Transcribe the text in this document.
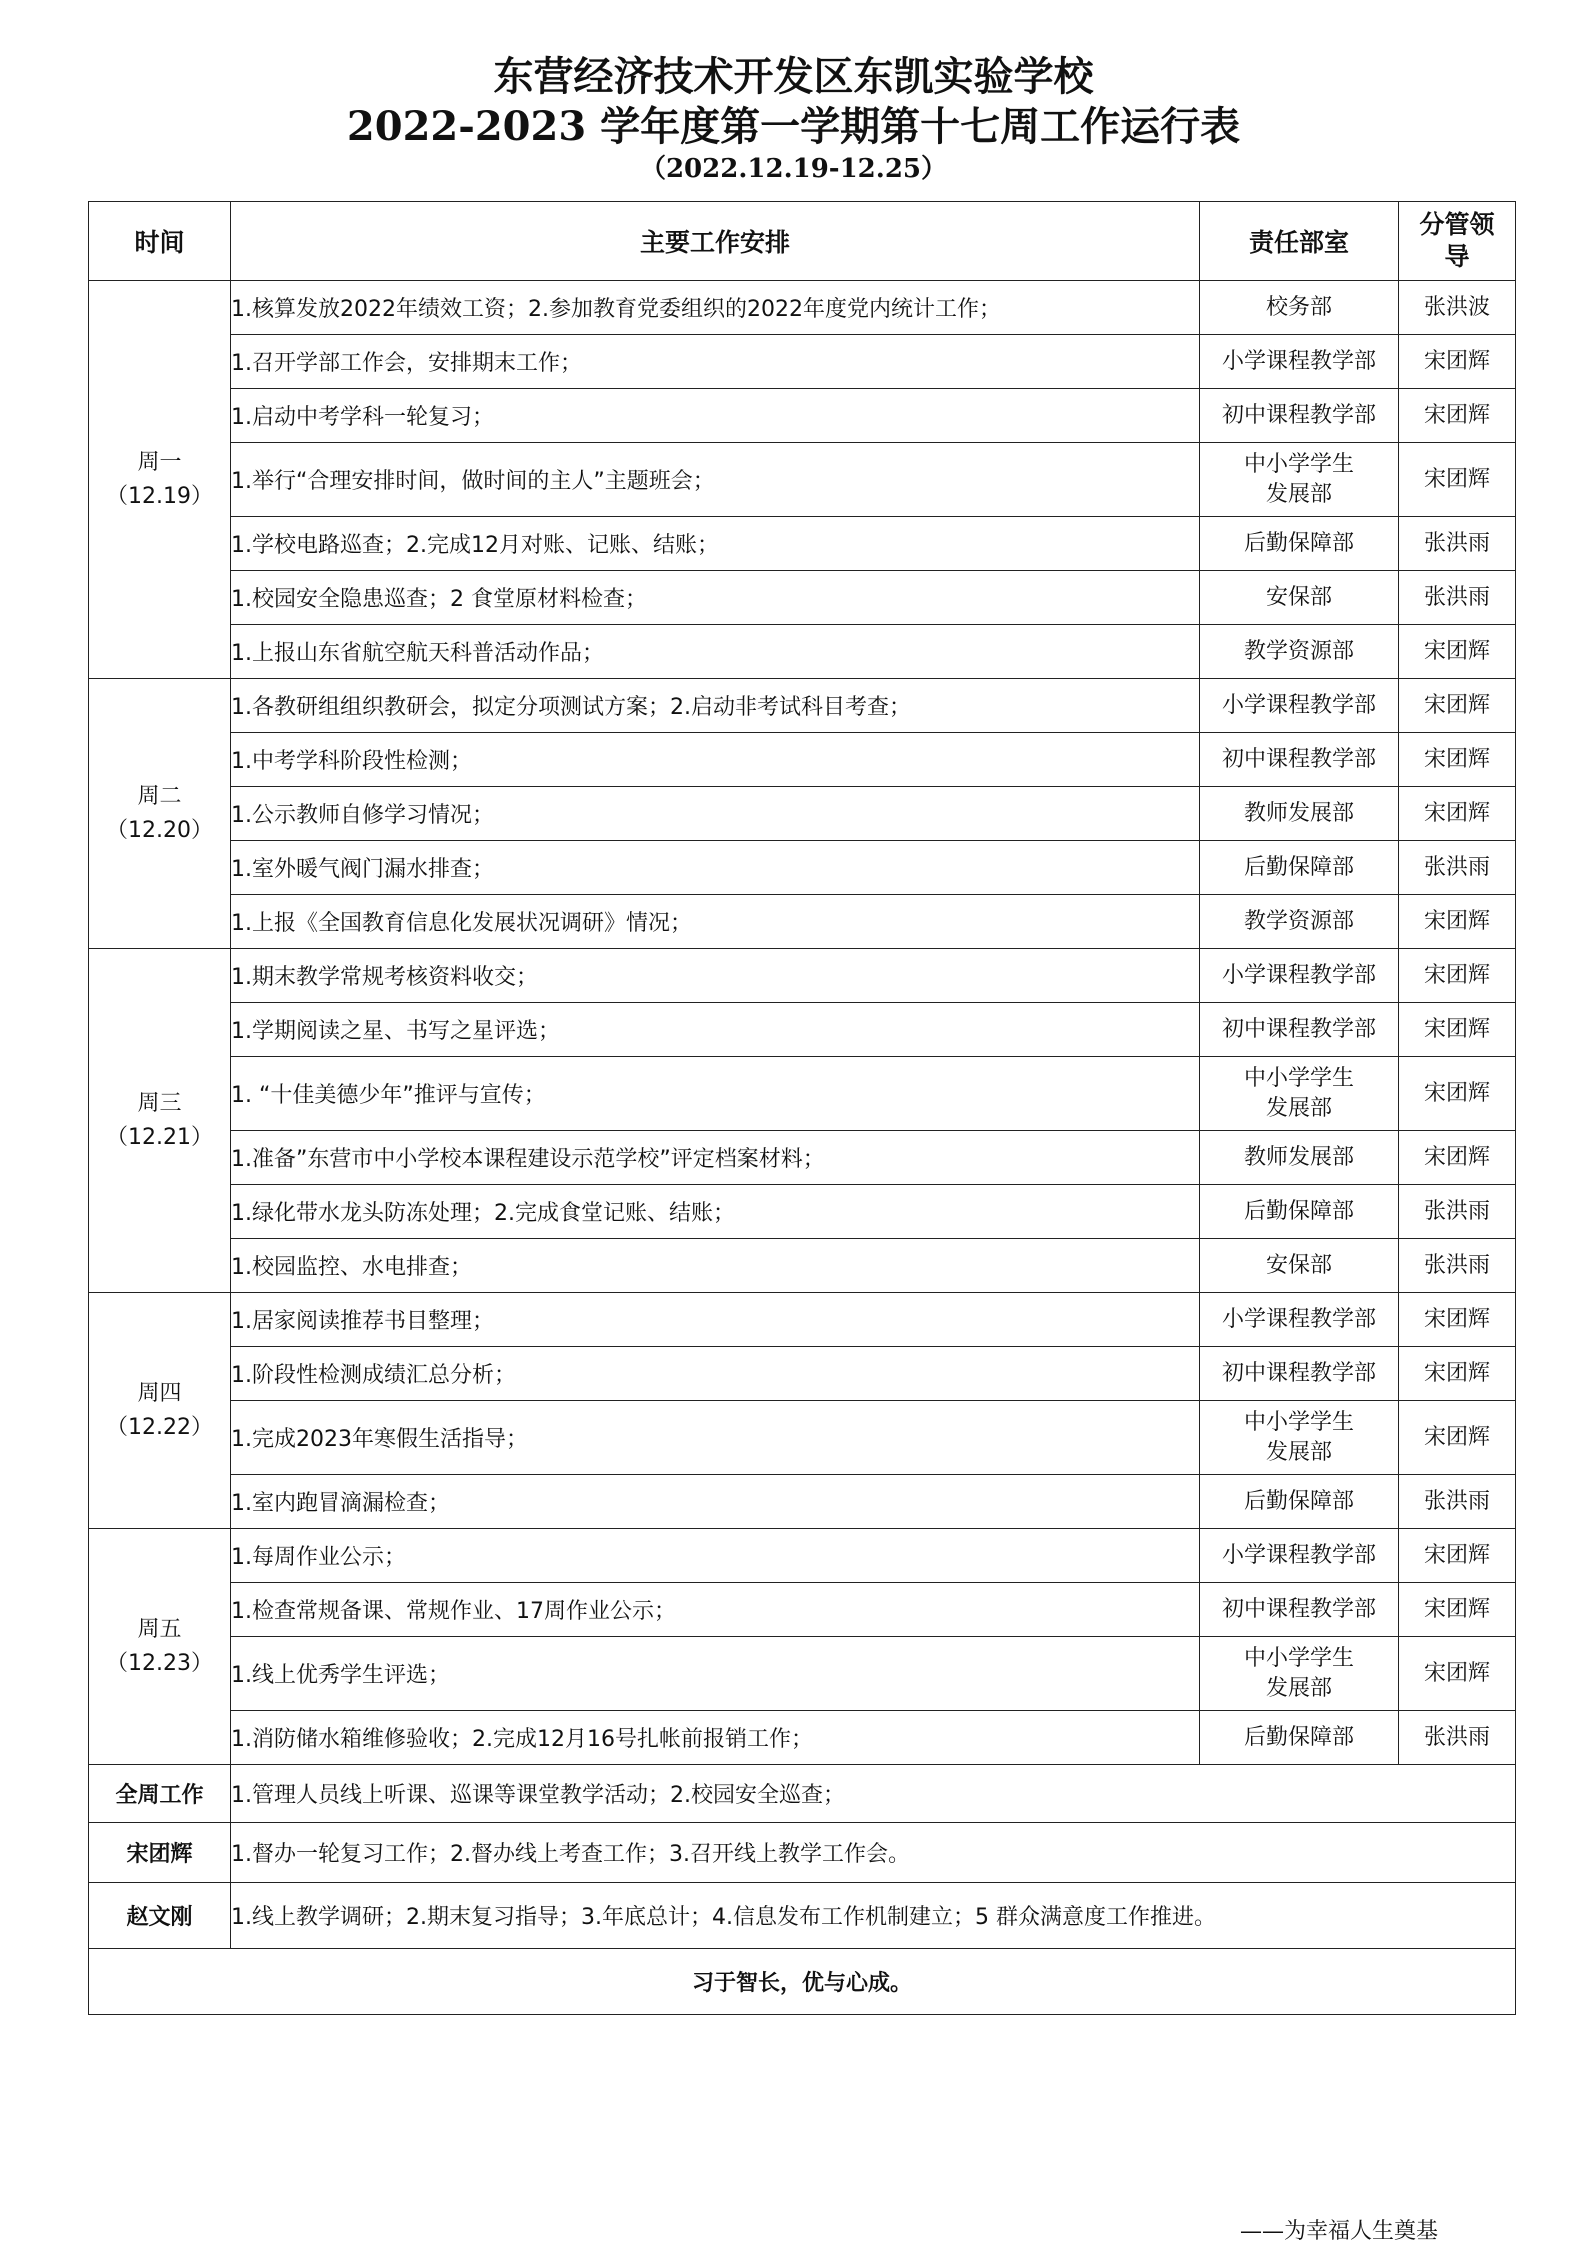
东营经济技术开发区东凯实验学校
2022-2023 学年度第一学期第十七周工作运行表
（2022.12.19-12.25）
时间	主要工作安排	责任部室	分管领导

周一
（12.19）	1.核算发放2022年绩效工资；2.参加教育党委组织的2022年度党内统计工作；	校务部	张洪波
	1.召开学部工作会，安排期末工作；	小学课程教学部	宋团辉
	1.启动中考学科一轮复习；	初中课程教学部	宋团辉
	1.举行“合理安排时间，做时间的主人”主题班会；	中小学学生发展部	宋团辉
	1.学校电路巡查；2.完成12月对账、记账、结账；	后勤保障部	张洪雨
	1.校园安全隐患巡查；2 食堂原材料检查；	安保部	张洪雨
	1.上报山东省航空航天科普活动作品；	教学资源部	宋团辉

周二
（12.20）	1.各教研组组织教研会，拟定分项测试方案；2.启动非考试科目考查；	小学课程教学部	宋团辉
	1.中考学科阶段性检测；	初中课程教学部	宋团辉
	1.公示教师自修学习情况；	教师发展部	宋团辉
	1.室外暖气阀门漏水排查；	后勤保障部	张洪雨
	1.上报《全国教育信息化发展状况调研》情况；	教学资源部	宋团辉

周三
（12.21）	1.期末教学常规考核资料收交；	小学课程教学部	宋团辉
	1.学期阅读之星、书写之星评选；	初中课程教学部	宋团辉
	1. “十佳美德少年”推评与宣传；	中小学学生发展部	宋团辉
	1.准备”东营市中小学校本课程建设示范学校”评定档案材料；	教师发展部	宋团辉
	1.绿化带水龙头防冻处理；2.完成食堂记账、结账；	后勤保障部	张洪雨
	1.校园监控、水电排查；	安保部	张洪雨

周四
（12.22）	1.居家阅读推荐书目整理；	小学课程教学部	宋团辉
	1.阶段性检测成绩汇总分析；	初中课程教学部	宋团辉
	1.完成2023年寒假生活指导；	中小学学生发展部	宋团辉
	1.室内跑冒滴漏检查；	后勤保障部	张洪雨

周五
（12.23）	1.每周作业公示；	小学课程教学部	宋团辉
	1.检查常规备课、常规作业、17周作业公示；	初中课程教学部	宋团辉
	1.线上优秀学生评选；	中小学学生发展部	宋团辉
	1.消防储水箱维修验收；2.完成12月16号扎帐前报销工作；	后勤保障部	张洪雨
全周工作	1.管理人员线上听课、巡课等课堂教学活动；2.校园安全巡查；		
宋团辉	1.督办一轮复习工作；2.督办线上考查工作；3.召开线上教学工作会。		
赵文刚	1.线上教学调研；2.期末复习指导；3.年底总计；4.信息发布工作机制建立；5 群众满意度工作推进。		
习于智长，优与心成。			
——为幸福人生奠基
